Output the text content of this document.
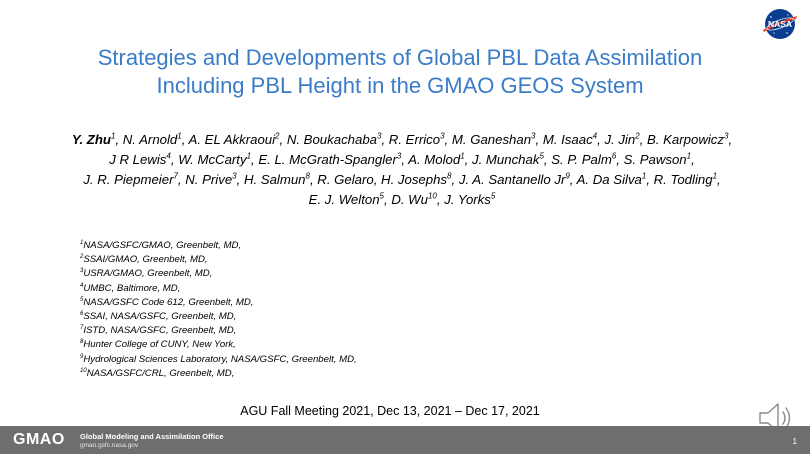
NASA
Strategies and Developments of Global PBL Data Assimilation
Including PBL Height in the GMAO GEOS System
Y. Zhu$^1$, N. Arnold$^1$, A. EL Akkraoui$^2$, N. Boukachaba$^3$, R. Errico$^3$, M. Ganeshan$^3$, M. Isaac$^4$, J. Jin$^2$, B. Karpowicz$^3$, J R Lewis$^4$, W. McCarty$^1$, E. L. McGrath-Spangler$^3$, A. Molod$^1$, J. Munchak$^5$, S. P. Palm$^6$, S. Pawson$^1$, J. R. Piepmeier$^7$, N. Prive$^3$, H. Salmun$^8$, R. Gelaro, H. Josephs$^8$, J. A. Santanello Jr$^9$, A. Da Silva$^1$, R. Todling$^1$, E. J. Welton$^5$, D. Wu$^{10}$, J. Yorks$^5$
$^1$NASA/GSFC/GMAO, Greenbelt, MD,
$^2$SSAI/GMAO, Greenbelt, MD,
$^3$USRA/GMAO, Greenbelt, MD,
$^4$UMBC, Baltimore, MD,
$^5$NASA/GSFC Code 612, Greenbelt, MD,
$^6$SSAI, NASA/GSFC, Greenbelt, MD,
$^7$ISTD, NASA/GSFC, Greenbelt, MD,
$^8$Hunter College of CUNY, New York,
$^9$Hydrological Sciences Laboratory, NASA/GSFC, Greenbelt, MD,
$^{10}$NASA/GSFC/CRL, Greenbelt, MD,
AGU Fall Meeting 2021, Dec 13, 2021 – Dec 17, 2021
GMAO Global Modeling and Assimilation Office
gmao.gsfc.nasa.gov	1
